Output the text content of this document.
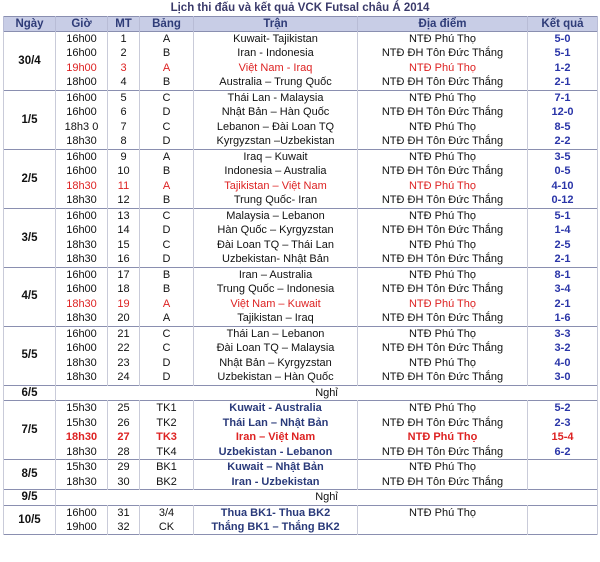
Lịch thi đấu và kết quả VCK Futsal châu Á 2014
Ngày	Giờ	MT	Bảng	Trận	Địa điểm	Kết quả
30/4	16h00	1	A	Kuwait- Tajikistan	NTĐ Phú Thọ	5-0
	16h00	2	B	Iran - Indonesia	NTĐ ĐH Tôn Đức Thắng	5-1
	19h00	3	A	Việt Nam - Iraq	NTĐ Phú Thọ	1-2
	18h00	4	B	Australia – Trung Quốc	NTĐ ĐH Tôn Đức Thắng	2-1
1/5	16h00	5	C	Thái Lan - Malaysia	NTĐ Phú Thọ	7-1
	16h00	6	D	Nhật Bản – Hàn Quốc	NTĐ ĐH Tôn Đức Thắng	12-0
	18h3 0	7	C	Lebanon – Đài Loan TQ	NTĐ Phú Thọ	8-5
	18h30	8	D	Kyrgyzstan –Uzbekistan	NTĐ ĐH Tôn Đức Thắng	2-2
2/5	16h00	9	A	Iraq – Kuwait	NTĐ Phú Thọ	3-5
	16h00	10	B	Indonesia – Australia	NTĐ ĐH Tôn Đức Thắng	0-5
	18h30	11	A	Tajikistan – Việt Nam	NTĐ Phú Thọ	4-10
	18h30	12	B	Trung Quốc- Iran	NTĐ ĐH Tôn Đức Thắng	0-12
3/5	16h00	13	C	Malaysia – Lebanon	NTĐ Phú Thọ	5-1
	16h00	14	D	Hàn Quốc – Kyrgyzstan	NTĐ ĐH Tôn Đức Thắng	1-4
	18h30	15	C	Đài Loan TQ – Thái Lan	NTĐ Phú Thọ	2-5
	18h30	16	D	Uzbekistan- Nhật Bản	NTĐ ĐH Tôn Đức Thắng	2-1
4/5	16h00	17	B	Iran – Australia	NTĐ Phú Thọ	8-1
	16h00	18	B	Trung Quốc – Indonesia	NTĐ ĐH Tôn Đức Thắng	3-4
	18h30	19	A	Việt Nam – Kuwait	NTĐ Phú Thọ	2-1
	18h30	20	A	Tajikistan – Iraq	NTĐ ĐH Tôn Đức Thắng	1-6
5/5	16h00	21	C	Thái Lan – Lebanon	NTĐ Phú Thọ	3-3
	16h00	22	C	Đài Loan TQ – Malaysia	NTĐ ĐH Tôn Đức Thắng	3-2
	18h30	23	D	Nhật Bản – Kyrgyzstan	NTĐ Phú Thọ	4-0
	18h30	24	D	Uzbekistan – Hàn Quốc	NTĐ ĐH Tôn Đức Thắng	3-0
6/5	Nghỉ					
7/5	15h30	25	TK1	Kuwait - Australia	NTĐ Phú Thọ	5-2
	15h30	26	TK2	Thái Lan – Nhật Bản	NTĐ ĐH Tôn Đức Thắng	2-3
	18h30	27	TK3	Iran – Việt Nam	NTĐ Phú Thọ	15-4
	18h30	28	TK4	Uzbekistan - Lebanon	NTĐ ĐH Tôn Đức Thắng	6-2
8/5	15h30	29	BK1	Kuwait – Nhật Bản	NTĐ Phú Thọ	
	18h30	30	BK2	Iran - Uzbekistan	NTĐ ĐH Tôn Đức Thắng	
9/5	Nghỉ					
10/5	16h00	31	3/4	Thua BK1- Thua BK2	NTĐ Phú Thọ	
	19h00	32	CK	Thắng BK1 – Thắng BK2		
